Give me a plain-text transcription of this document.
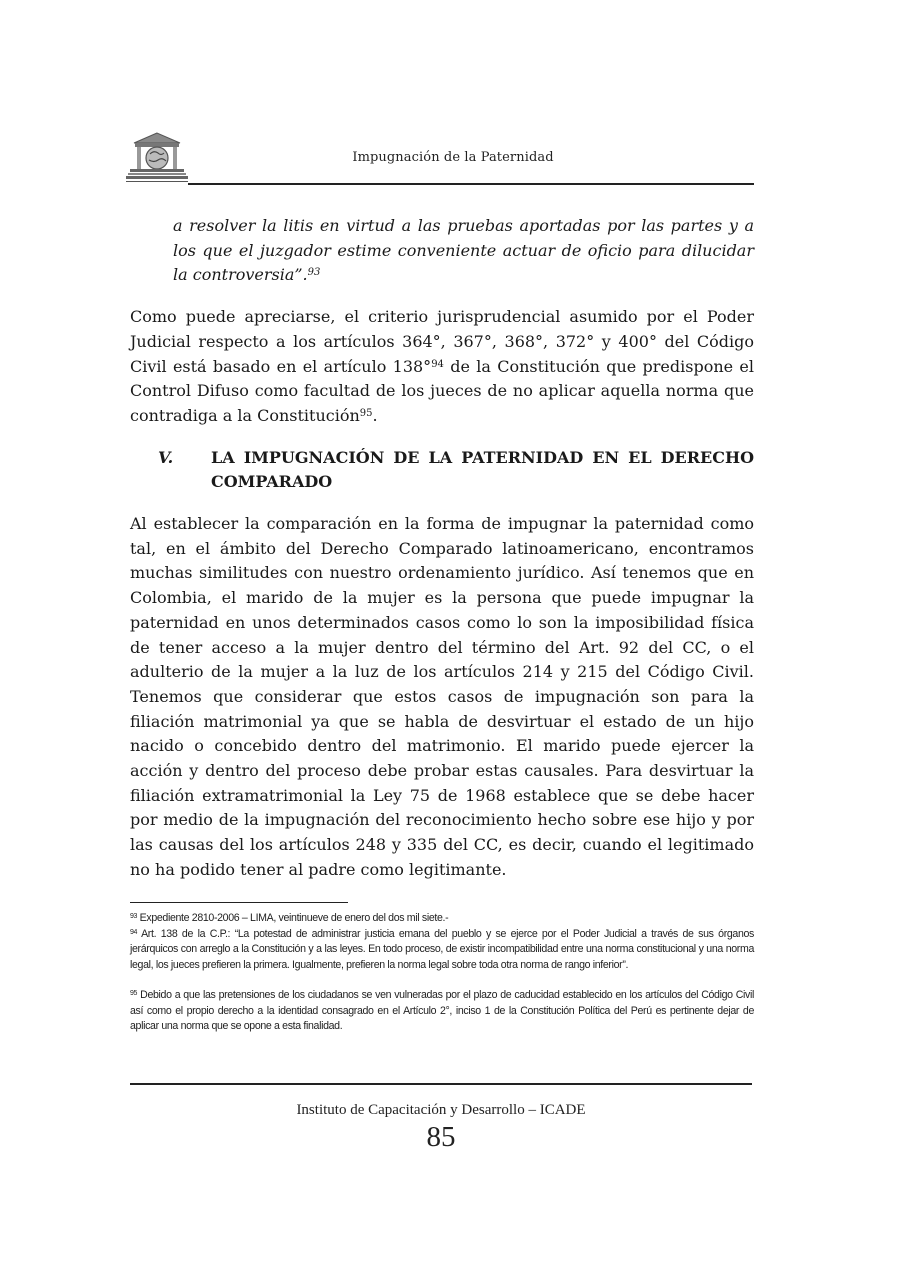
Impugnación de la Paternidad

a resolver la litis en virtud a las pruebas aportadas por las partes y a los que el juzgador estime conveniente actuar de oficio para dilucidar la controversia”.$^{93}$

Como puede apreciarse, el criterio jurisprudencial asumido por el Poder Judicial respecto a los artículos 364°, 367°, 368°, 372° y 400° del Código Civil está basado en el artículo 138°$^{94}$ de la Constitución que predispone el Control Difuso como facultad de los jueces de no aplicar aquella norma que contradiga a la Constitución$^{95}$.

V. LA IMPUGNACIÓN DE LA PATERNIDAD EN EL DERECHO
COMPARADO

Al establecer la comparación en la forma de impugnar la paternidad como tal, en el ámbito del Derecho Comparado latinoamericano, encontramos muchas similitudes con nuestro ordenamiento jurídico. Así tenemos que en Colombia, el marido de la mujer es la persona que puede impugnar la paternidad en unos determinados casos como lo son la imposibilidad física de tener acceso a la mujer dentro del término del Art. 92 del CC, o el adulterio de la mujer a la luz de los artículos 214 y 215 del Código Civil. Tenemos que considerar que estos casos de impugnación son para la filiación matrimonial ya que se habla de desvirtuar el estado de un hijo nacido o concebido dentro del matrimonio. El marido puede ejercer la acción y dentro del proceso debe probar estas causales. Para desvirtuar la filiación extramatrimonial la Ley 75 de 1968 establece que se debe hacer por medio de la impugnación del reconocimiento hecho sobre ese hijo y por las causas del los artículos 248 y 335 del CC, es decir, cuando el legitimado no ha podido tener al padre como legitimante.

$^{93}$ Expediente 2810-2006 – LIMA, veintinueve de enero del dos mil siete.-

$^{94}$ Art. 138 de la C.P.: “La potestad de administrar justicia emana del pueblo y se ejerce por el Poder Judicial a través de sus órganos jerárquicos con arreglo a la Constitución y a las leyes. En todo proceso, de existir incompatibilidad entre una norma constitucional y una norma legal, los jueces prefieren la primera. Igualmente, prefieren la norma legal sobre toda otra norma de rango inferior”.

$^{95}$ Debido a que las pretensiones de los ciudadanos se ven vulneradas por el plazo de caducidad establecido en los artículos del Código Civil así como el propio derecho a la identidad consagrado en el Artículo 2°, inciso 1 de la Constitución Política del Perú es pertinente dejar de aplicar una norma que se opone a esta finalidad.

Instituto de Capacitación y Desarrollo – ICADE
85
